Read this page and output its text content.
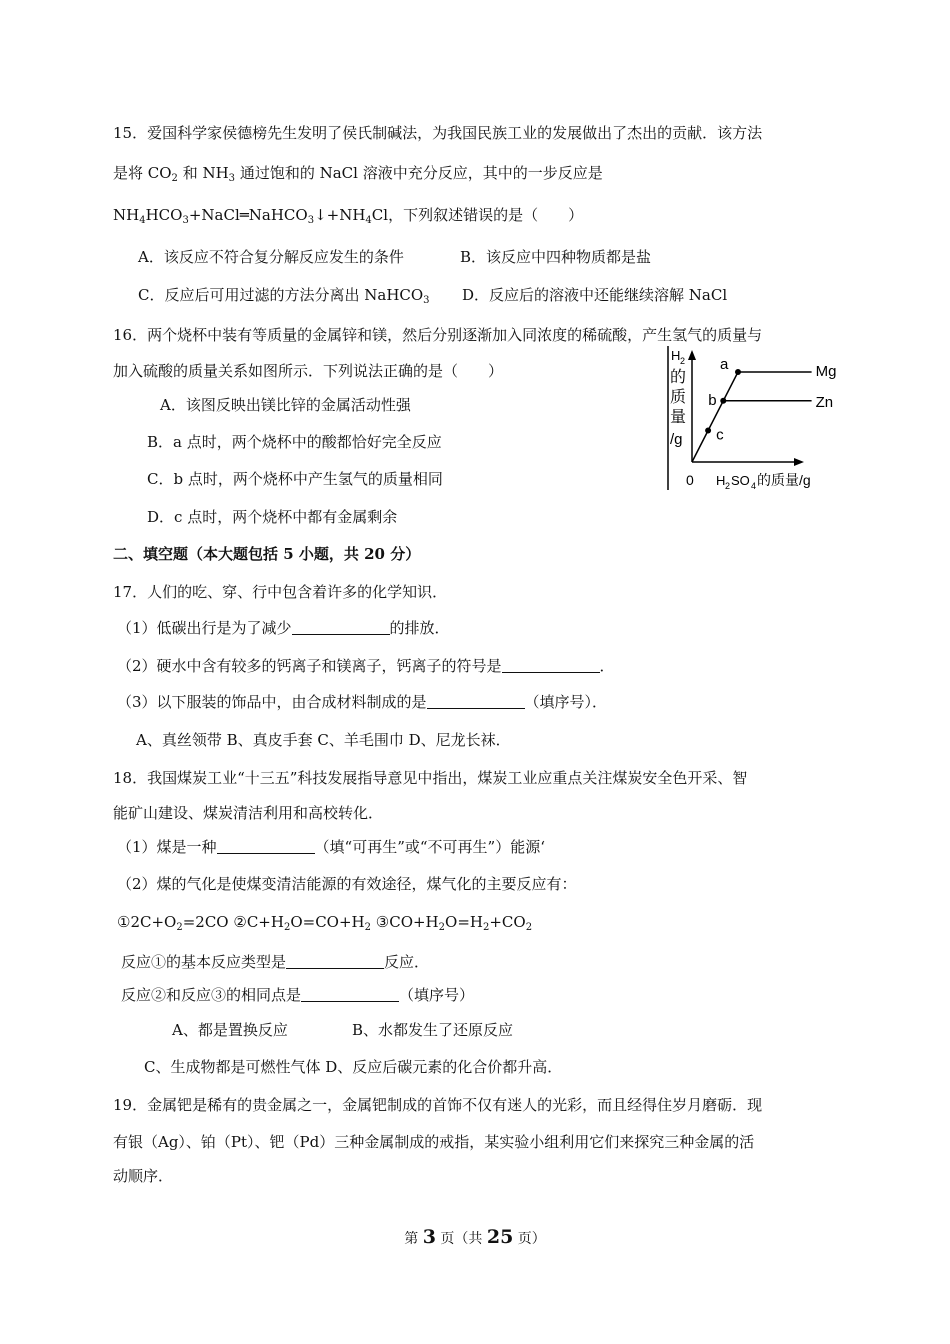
15．爱国科学家侯德榜先生发明了侯氏制碱法，为我国民族工业的发展做出了杰出的贡献．该方法
是将 $CO_2$ 和 $NH_3$ 通过饱和的 NaCl 溶液中充分反应，其中的一步反应是
$NH_4HCO_3+NaCl═NaHCO_3↓+NH_4Cl$，下列叙述错误的是（　　）
A．该反应不符合复分解反应发生的条件	B．该反应中四种物质都是盐
C．反应后可用过滤的方法分离出 NaHCO$_3$ D．反应后的溶液中还能继续溶解 NaCl
16．两个烧杯中装有等质量的金属锌和镁，然后分别逐渐加入同浓度的稀硫酸，产生氢气的质量与
加入硫酸的质量关系如图所示．下列说法正确的是（　　）
A．该图反映出镁比锌的金属活动性强
B．a 点时，两个烧杯中的酸都恰好完全反应
C．b 点时，两个烧杯中产生氢气的质量相同
D．c 点时，两个烧杯中都有金属剩余
a
b
c
Mg
Zn
H 2
的
质
量
/g
0 H 2 SO 4 的质量/g
二、填空题（本大题包括 5 小题，共 20 分）
17．人们的吃、穿、行中包含着许多的化学知识．
（1）低碳出行是为了减少	的排放．
（2）硬水中含有较多的钙离子和镁离子，钙离子的符号是	．
（3）以下服装的饰品中，由合成材料制成的是	（填序号）．
A、真丝领带 B、真皮手套 C、羊毛围巾 D、尼龙长袜．
18．我国煤炭工业“十三五”科技发展指导意见中指出，煤炭工业应重点关注煤炭安全色开采、智
能矿山建设、煤炭清洁利用和高校转化．
（1）煤是一种	（填“可再生”或“不可再生”）能源‘
（2）煤的气化是使煤变清洁能源的有效途径，煤气化的主要反应有：
$①2C+O_2=2CO$ $②C+H_2O=CO+H_2$ $③CO+H_2O=H_2+CO_2$
反应①的基本反应类型是	反应．
反应②和反应③的相同点是	（填序号）
A、都是置换反应	B、水都发生了还原反应
C、生成物都是可燃性气体 D、反应后碳元素的化合价都升高．
19．金属钯是稀有的贵金属之一，金属钯制成的首饰不仅有迷人的光彩，而且经得住岁月磨砺．现
有银（Ag）、铂（Pt）、钯（Pd）三种金属制成的戒指，某实验小组利用它们来探究三种金属的活
动顺序．
第 3 页（共 25 页）
